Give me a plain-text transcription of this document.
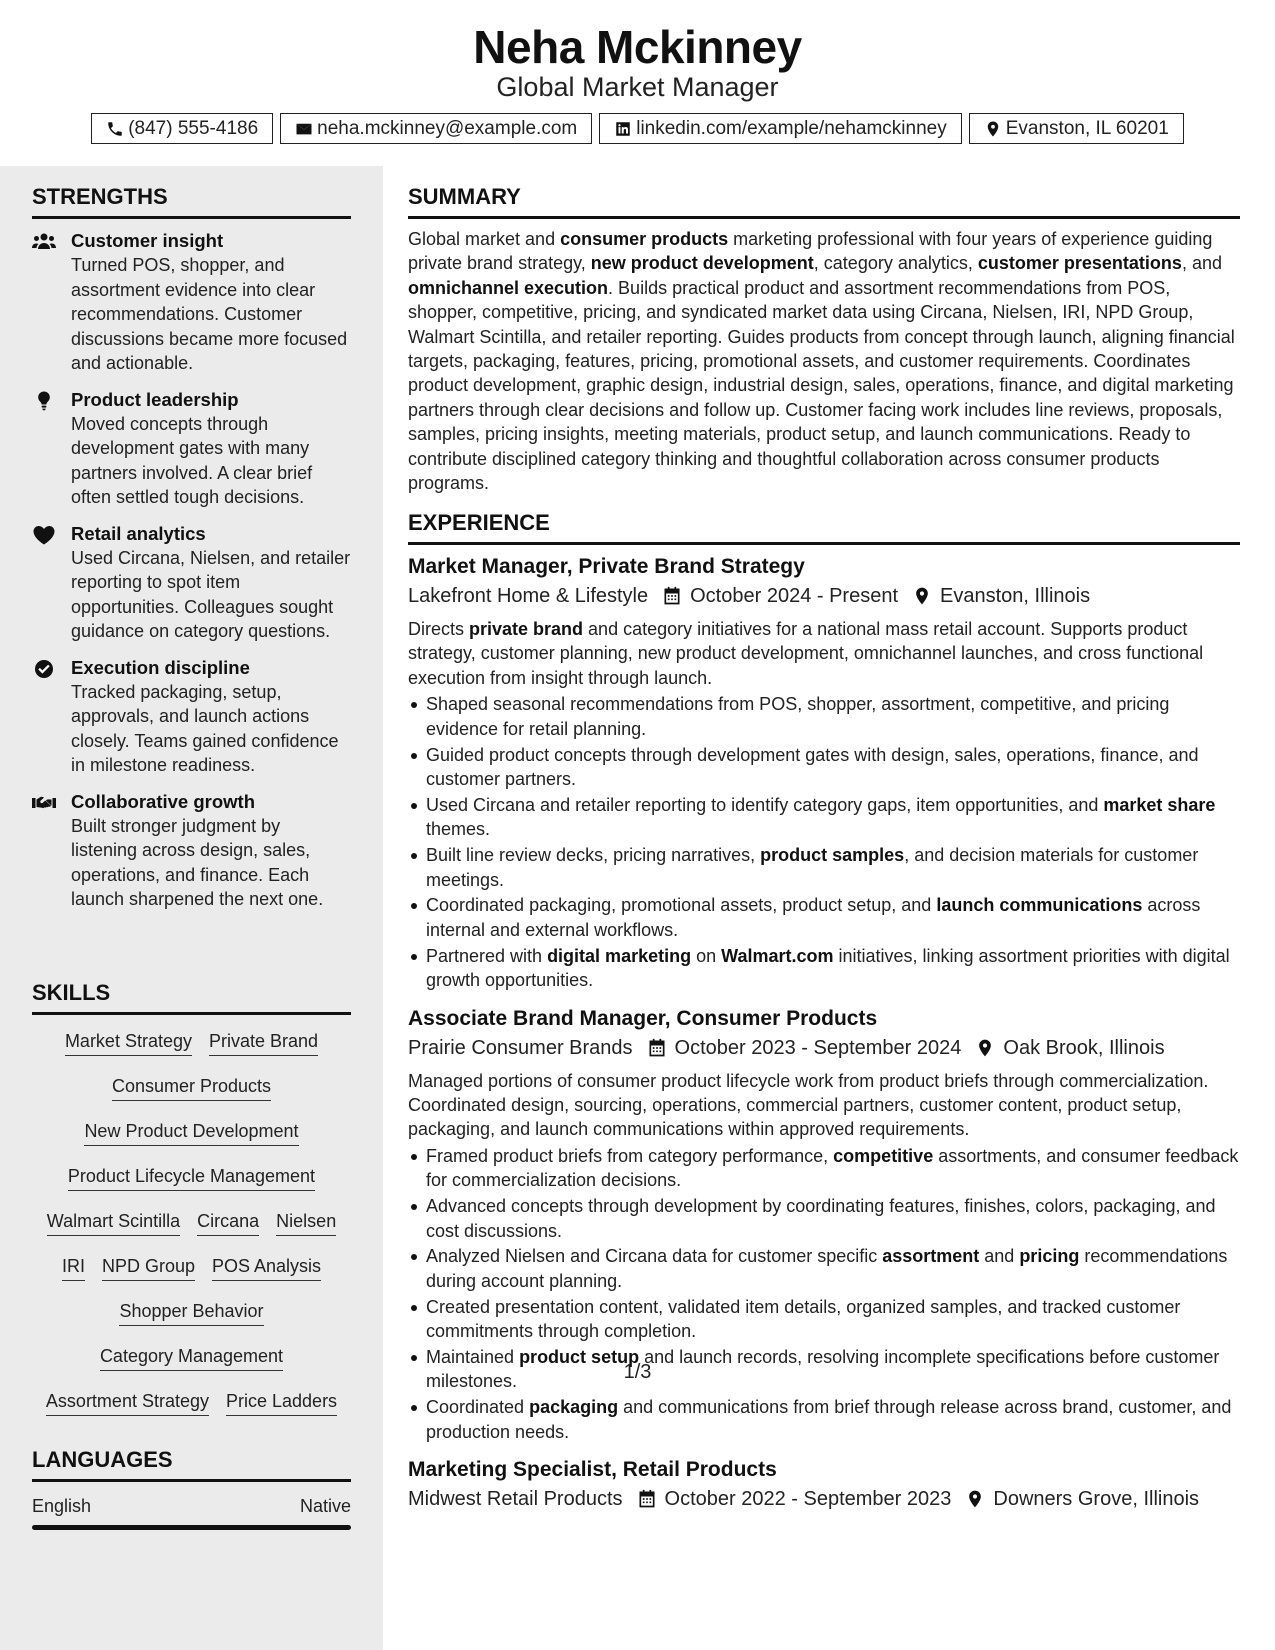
Neha Mckinney
Global Market Manager
(847) 555-4186	neha.mckinney@example.com	linkedin.com/example/nehamckinney	Evanston, IL 60201
STRENGTHS
Customer insight
Turned POS, shopper, and assortment evidence into clear recommendations. Customer discussions became more focused and actionable.
Product leadership
Moved concepts through development gates with many partners involved. A clear brief often settled tough decisions.
Retail analytics
Used Circana, Nielsen, and retailer reporting to spot item opportunities. Colleagues sought guidance on category questions.
Execution discipline
Tracked packaging, setup, approvals, and launch actions closely. Teams gained confidence in milestone readiness.
Collaborative growth
Built stronger judgment by listening across design, sales, operations, and finance. Each launch sharpened the next one.
SKILLS
Market Strategy Private Brand
Consumer Products
New Product Development
Product Lifecycle Management
Walmart Scintilla Circana Nielsen
IRI NPD Group POS Analysis
Shopper Behavior
Category Management
Assortment Strategy Price Ladders
LANGUAGES
English	Native
SUMMARY
Global market and consumer products marketing professional with four years of experience guiding private brand strategy, new product development, category analytics, customer presentations, and omnichannel execution. Builds practical product and assortment recommendations from POS, shopper, competitive, pricing, and syndicated market data using Circana, Nielsen, IRI, NPD Group, Walmart Scintilla, and retailer reporting. Guides products from concept through launch, aligning financial targets, packaging, features, pricing, promotional assets, and customer requirements. Coordinates product development, graphic design, industrial design, sales, operations, finance, and digital marketing partners through clear decisions and follow up. Customer facing work includes line reviews, proposals, samples, pricing insights, meeting materials, product setup, and launch communications. Ready to contribute disciplined category thinking and thoughtful collaboration across consumer products programs.
EXPERIENCE
Market Manager, Private Brand Strategy
Lakefront Home & Lifestyle October 2024 - Present Evanston, Illinois
Directs private brand and category initiatives for a national mass retail account. Supports product strategy, customer planning, new product development, omnichannel launches, and cross functional execution from insight through launch.
Shaped seasonal recommendations from POS, shopper, assortment, competitive, and pricing evidence for retail planning.
Guided product concepts through development gates with design, sales, operations, finance, and customer partners.
Used Circana and retailer reporting to identify category gaps, item opportunities, and market share themes.
Built line review decks, pricing narratives, product samples, and decision materials for customer meetings.
Coordinated packaging, promotional assets, product setup, and launch communications across internal and external workflows.
Partnered with digital marketing on Walmart.com initiatives, linking assortment priorities with digital growth opportunities.
Associate Brand Manager, Consumer Products
Prairie Consumer Brands October 2023 - September 2024 Oak Brook, Illinois
Managed portions of consumer product lifecycle work from product briefs through commercialization. Coordinated design, sourcing, operations, commercial partners, customer content, product setup, packaging, and launch communications within approved requirements.
Framed product briefs from category performance, competitive assortments, and consumer feedback for commercialization decisions.
Advanced concepts through development by coordinating features, finishes, colors, packaging, and cost discussions.
Analyzed Nielsen and Circana data for customer specific assortment and pricing recommendations during account planning.
Created presentation content, validated item details, organized samples, and tracked customer commitments through completion.
Maintained product setup and launch records, resolving incomplete specifications before customer milestones.
Coordinated packaging and communications from brief through release across brand, customer, and production needs.
Marketing Specialist, Retail Products
Midwest Retail Products October 2022 - September 2023 Downers Grove, Illinois
1/3
